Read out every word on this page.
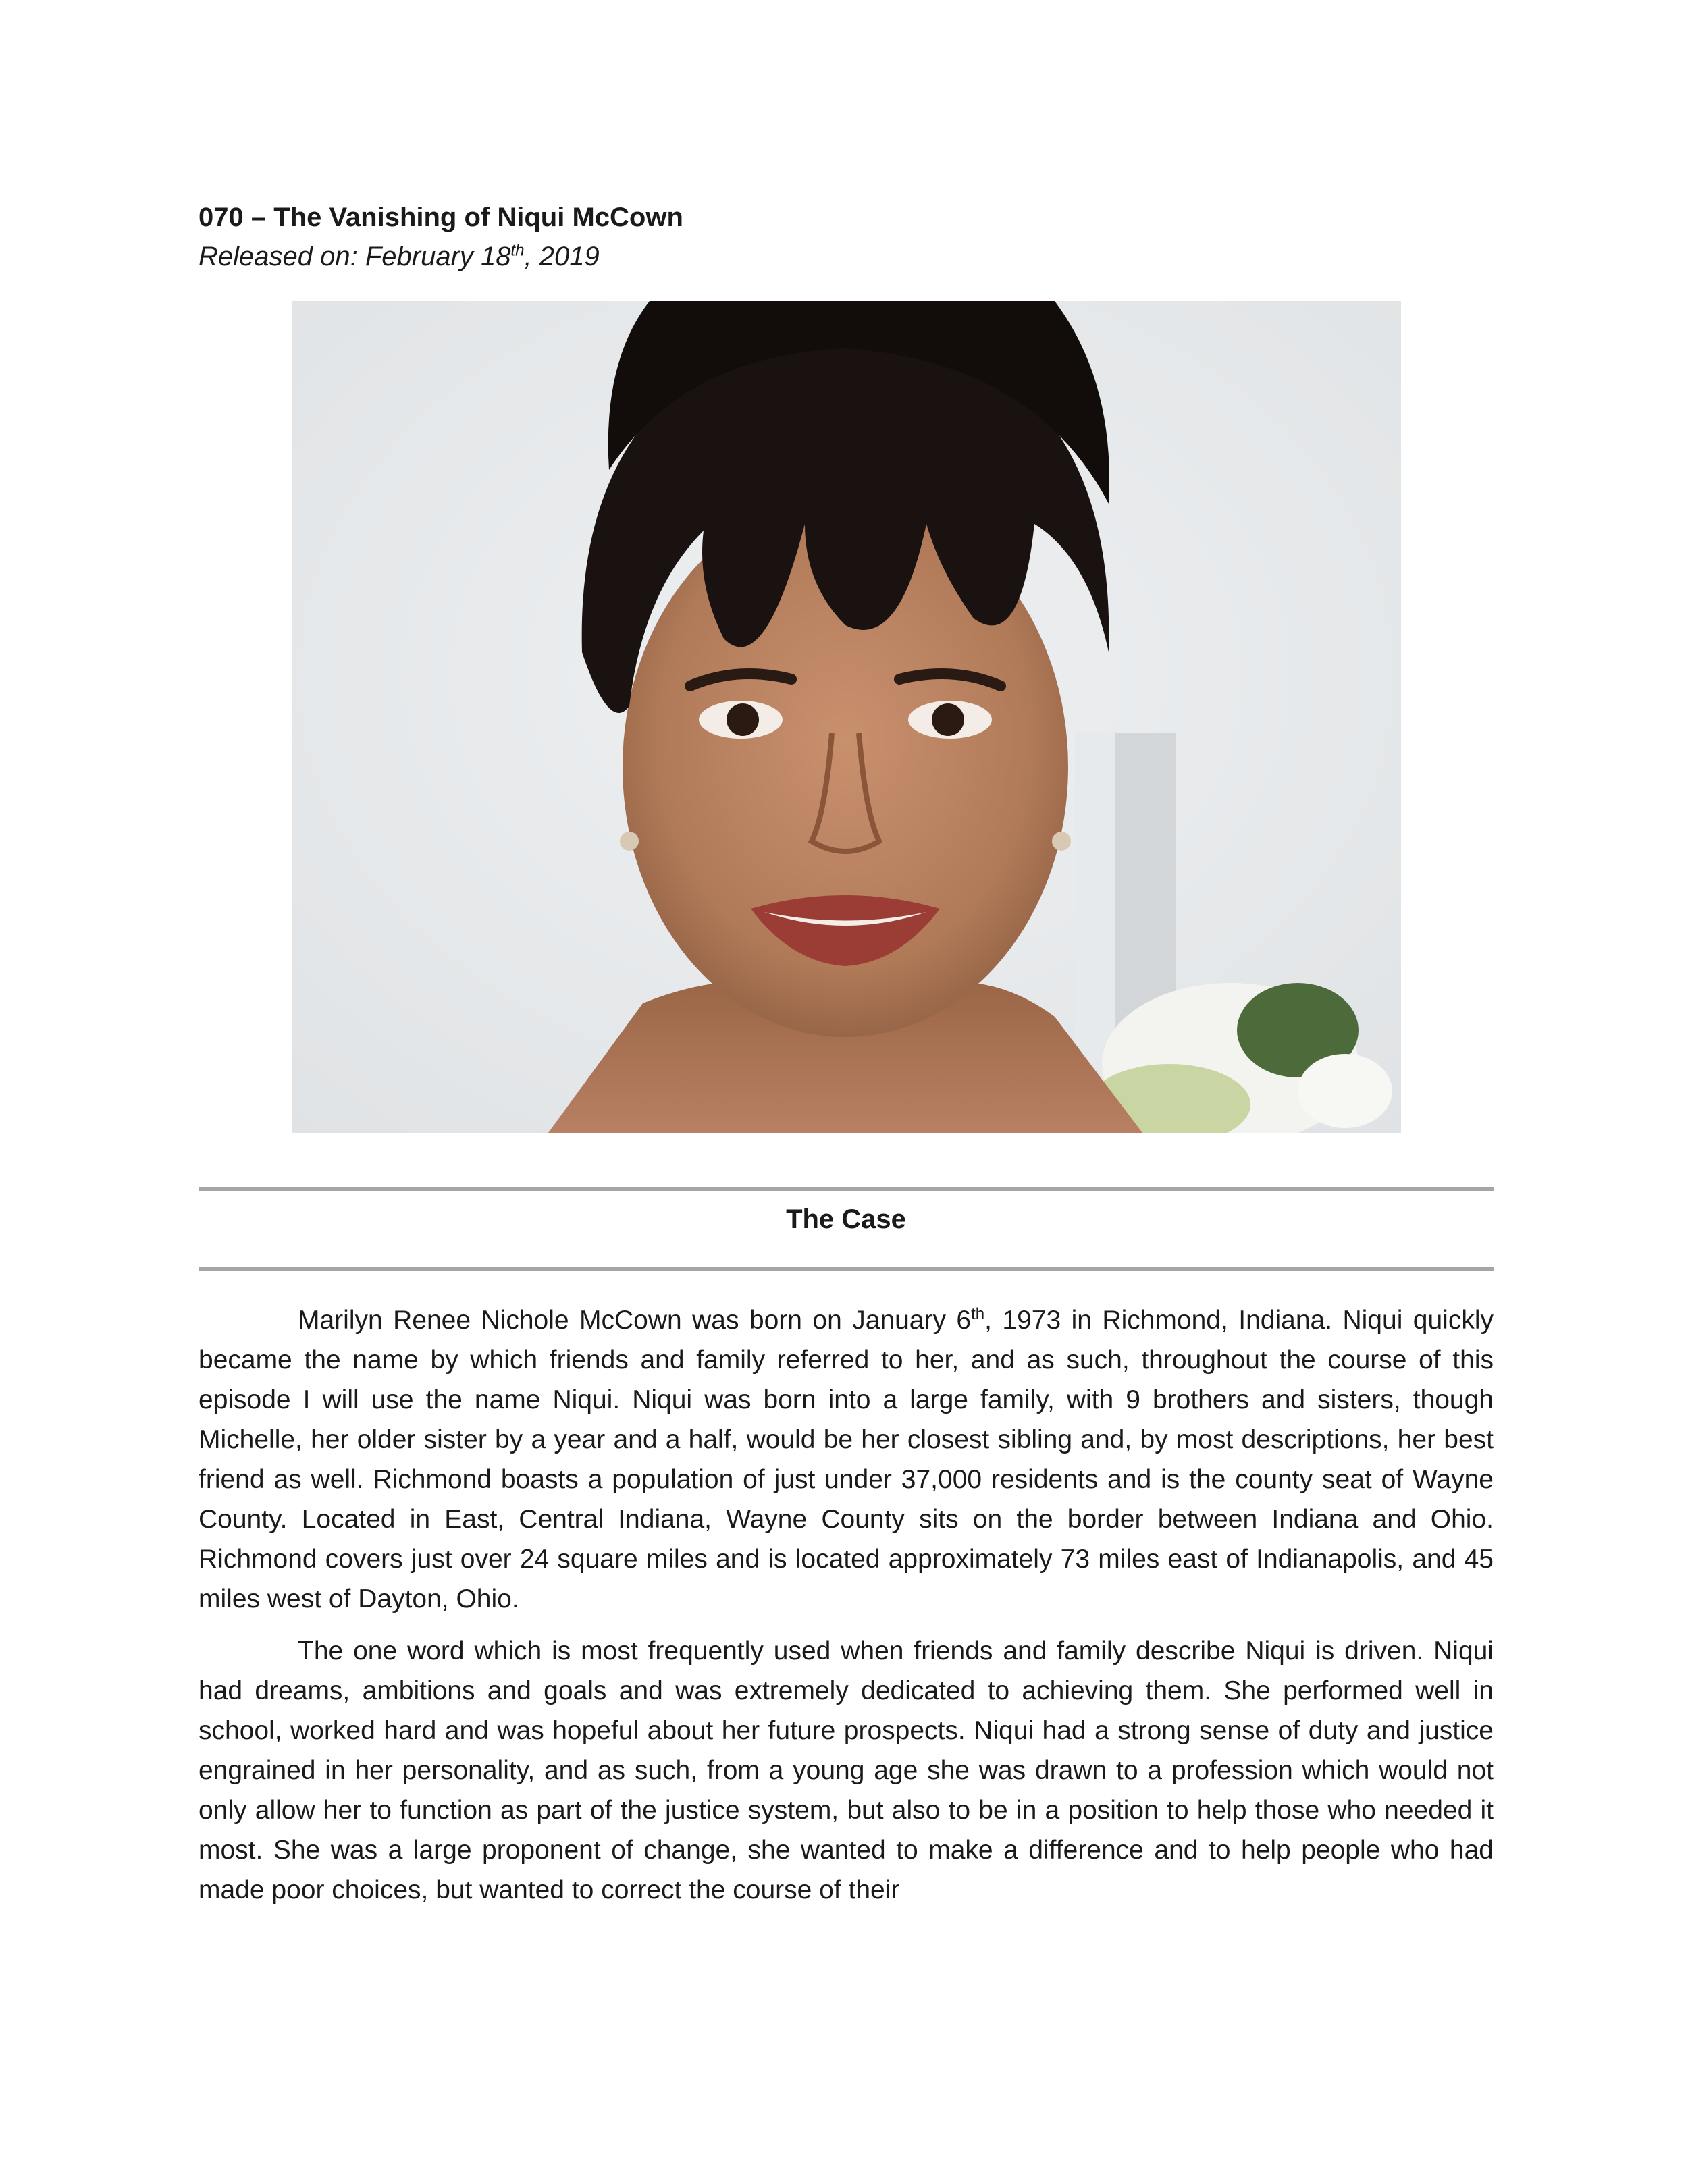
070 – The Vanishing of Niqui McCown
Released on: February 18th, 2019
The Case

Marilyn Renee Nichole McCown was born on January 6th, 1973 in Richmond, Indiana. Niqui quickly became the name by which friends and family referred to her, and as such, throughout the course of this episode I will use the name Niqui. Niqui was born into a large family, with 9 brothers and sisters, though Michelle, her older sister by a year and a half, would be her closest sibling and, by most descriptions, her best friend as well. Richmond boasts a population of just under 37,000 residents and is the county seat of Wayne County. Located in East, Central Indiana, Wayne County sits on the border between Indiana and Ohio. Richmond covers just over 24 square miles and is located approximately 73 miles east of Indianapolis, and 45 miles west of Dayton, Ohio.

The one word which is most frequently used when friends and family describe Niqui is driven. Niqui had dreams, ambitions and goals and was extremely dedicated to achieving them. She performed well in school, worked hard and was hopeful about her future prospects. Niqui had a strong sense of duty and justice engrained in her personality, and as such, from a young age she was drawn to a profession which would not only allow her to function as part of the justice system, but also to be in a position to help those who needed it most. She was a large proponent of change, she wanted to make a difference and to help people who had made poor choices, but wanted to correct the course of their
